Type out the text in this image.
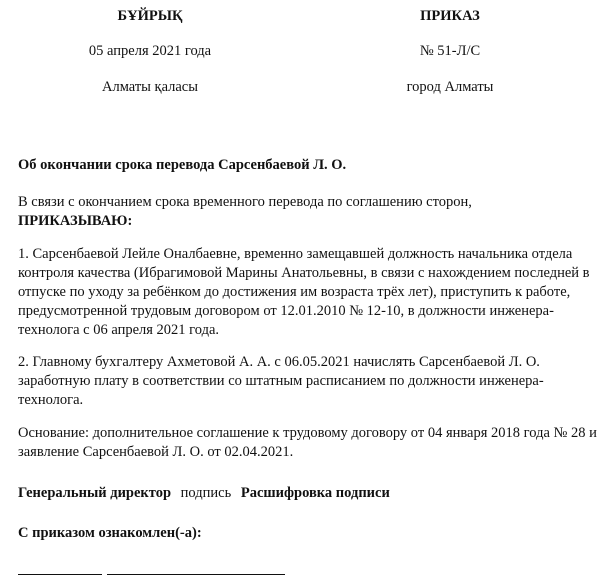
БҰЙРЫҚ	ПРИКАЗ
05 апреля 2021 года	№ 51-Л/С
Алматы қаласы	город Алматы
Об окончании срока перевода Сарсенбаевой Л. О.
В связи с окончанием срока временного перевода по соглашению сторон,
ПРИКАЗЫВАЮ:
1. Сарсенбаевой Лейле Оналбаевне, временно замещавшей должность начальника отдела контроля качества (Ибрагимовой Марины Анатольевны, в связи с нахождением последней в отпуске по уходу за ребёнком до достижения им возраста трёх лет), приступить к работе, предусмотренной трудовым договором от 12.01.2010 № 12-10, в должности инженера-технолога с 06 апреля 2021 года.
2. Главному бухгалтеру Ахметовой А. А. с 06.05.2021 начислять Сарсенбаевой Л. О. заработную плату в соответствии со штатным расписанием по должности инженера-технолога.
Основание: дополнительное соглашение к трудовому договору от 04 января 2018 года № 28 и заявление Сарсенбаевой Л. О. от 02.04.2021.
Генеральный директор подпись Расшифровка подписи
С приказом ознакомлен(-а):
